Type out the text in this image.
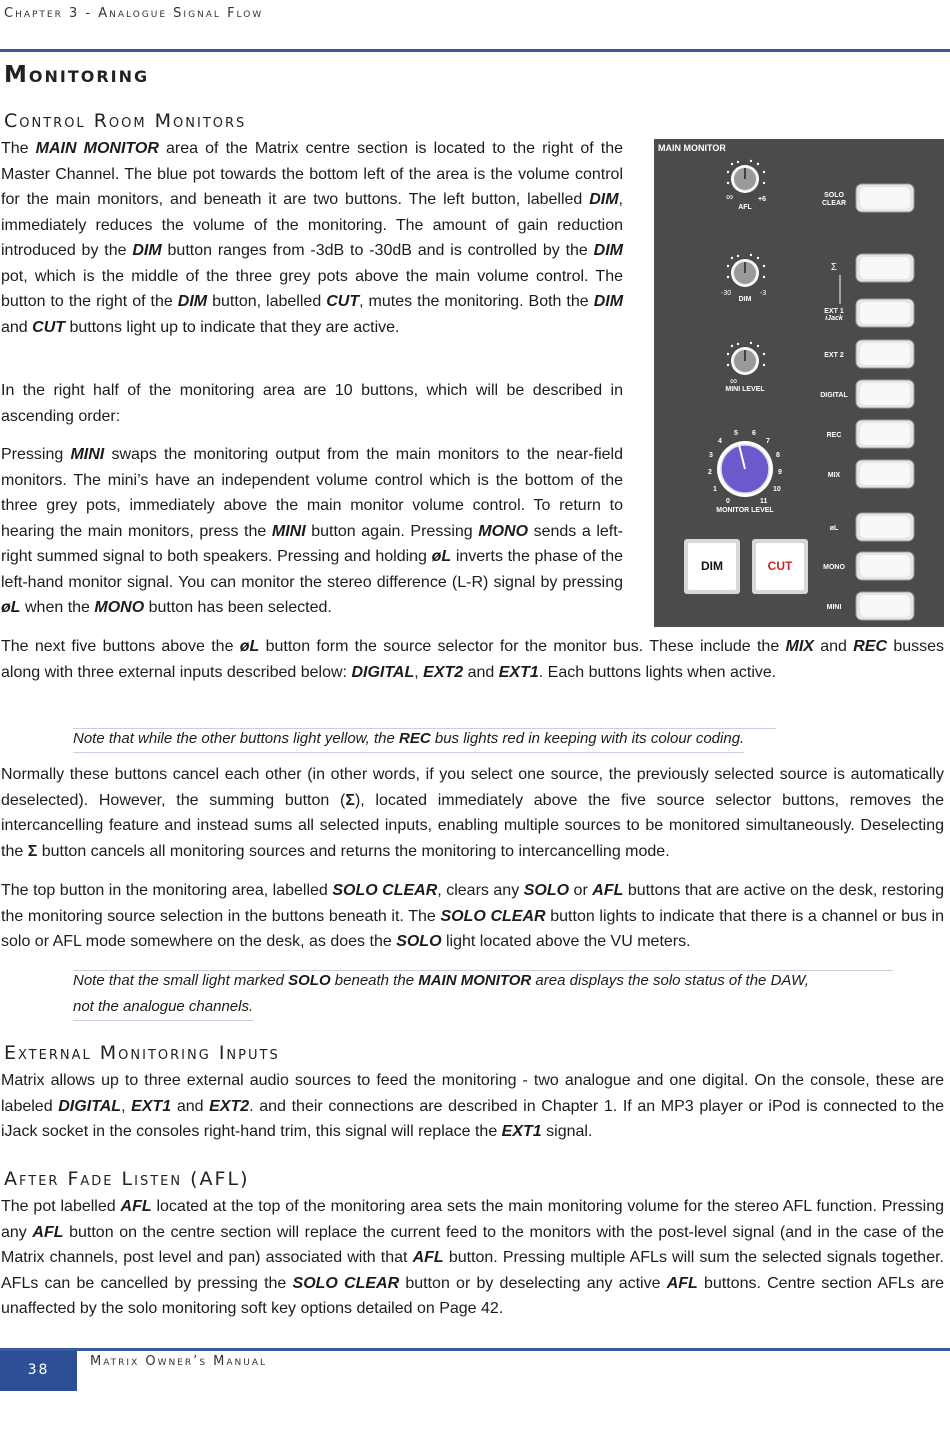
Chapter 3 - Analogue Signal Flow
Monitoring
Control Room Monitors

The MAIN MONITOR area of the Matrix centre section is located to the right of the Master Channel. The blue pot towards the bottom left of the area is the volume control for the main monitors, and beneath it are two buttons. The left button, labelled DIM, immediately reduces the volume of the monitoring. The amount of gain reduction introduced by the DIM button ranges from -3dB to -30dB and is controlled by the DIM pot, which is the middle of the three grey pots above the main volume control. The button to the right of the DIM button, labelled CUT, mutes the monitoring. Both the DIM and CUT buttons light up to indicate that they are active.

In the right half of the monitoring area are 10 buttons, which will be described in ascending order:

Pressing MINI swaps the monitoring output from the main monitors to the near-field monitors. The mini’s have an independent volume control which is the bottom of the three grey pots, immediately above the main monitor volume control. To return to hearing the main monitors, press the MINI button again. Pressing MONO sends a left-right summed signal to both speakers. Pressing and holding øL inverts the phase of the left-hand monitor signal. You can monitor the stereo difference (L-R) signal by pressing øL when the MONO button has been selected.

The next five buttons above the øL button form the source selector for the monitor bus. These include the MIX and REC busses along with three external inputs described below: DIGITAL, EXT2 and EXT1. Each buttons lights when active.

Note that while the other buttons light yellow, the REC bus lights red in keeping with its colour coding.

Normally these buttons cancel each other (in other words, if you select one source, the previously selected source is automatically deselected). However, the summing button (Σ), located immediately above the five source selector buttons, removes the intercancelling feature and instead sums all selected inputs, enabling multiple sources to be monitored simultaneously. Deselecting the Σ button cancels all monitoring sources and returns the monitoring to intercancelling mode.

The top button in the monitoring area, labelled SOLO CLEAR, clears any SOLO or AFL buttons that are active on the desk, restoring the monitoring source selection in the buttons beneath it. The SOLO CLEAR button lights to indicate that there is a channel or bus in solo or AFL mode somewhere on the desk, as does the SOLO light located above the VU meters.

Note that the small light marked SOLO beneath the MAIN MONITOR area displays the solo status of the DAW,
not the analogue channels.
External Monitoring Inputs

Matrix allows up to three external audio sources to feed the monitoring - two analogue and one digital. On the console, these are labeled DIGITAL, EXT1 and EXT2. and their connections are described in Chapter 1. If an MP3 player or iPod is connected to the iJack socket in the consoles right-hand trim, this signal will replace the EXT1 signal.

After Fade Listen (AFL)

The pot labelled AFL located at the top of the monitoring area sets the main monitoring volume for the stereo AFL function. Pressing any AFL button on the centre section will replace the current feed to the monitors with the post-level signal (and in the case of the Matrix channels, post level and pan) associated with that AFL button. Pressing multiple AFLs will sum the selected signals together. AFLs can be cancelled by pressing the SOLO CLEAR button or by deselecting any active AFL buttons. Centre section AFLs are unaffected by the solo monitoring soft key options detailed on Page 42.

MAIN MONITOR
∞	+6
AFL
-30	-3
DIM
∞
MINI LEVEL
0
1
2
3
4
5 6
7
8
9
10
11
MONITOR LEVEL
DIM	CUT
SOLO
CLEAR
Σ
EXT 1
iJack
EXT 2
DIGITAL
REC
MIX
øL
MONO
MINI
38
Matrix Owner’s Manual
